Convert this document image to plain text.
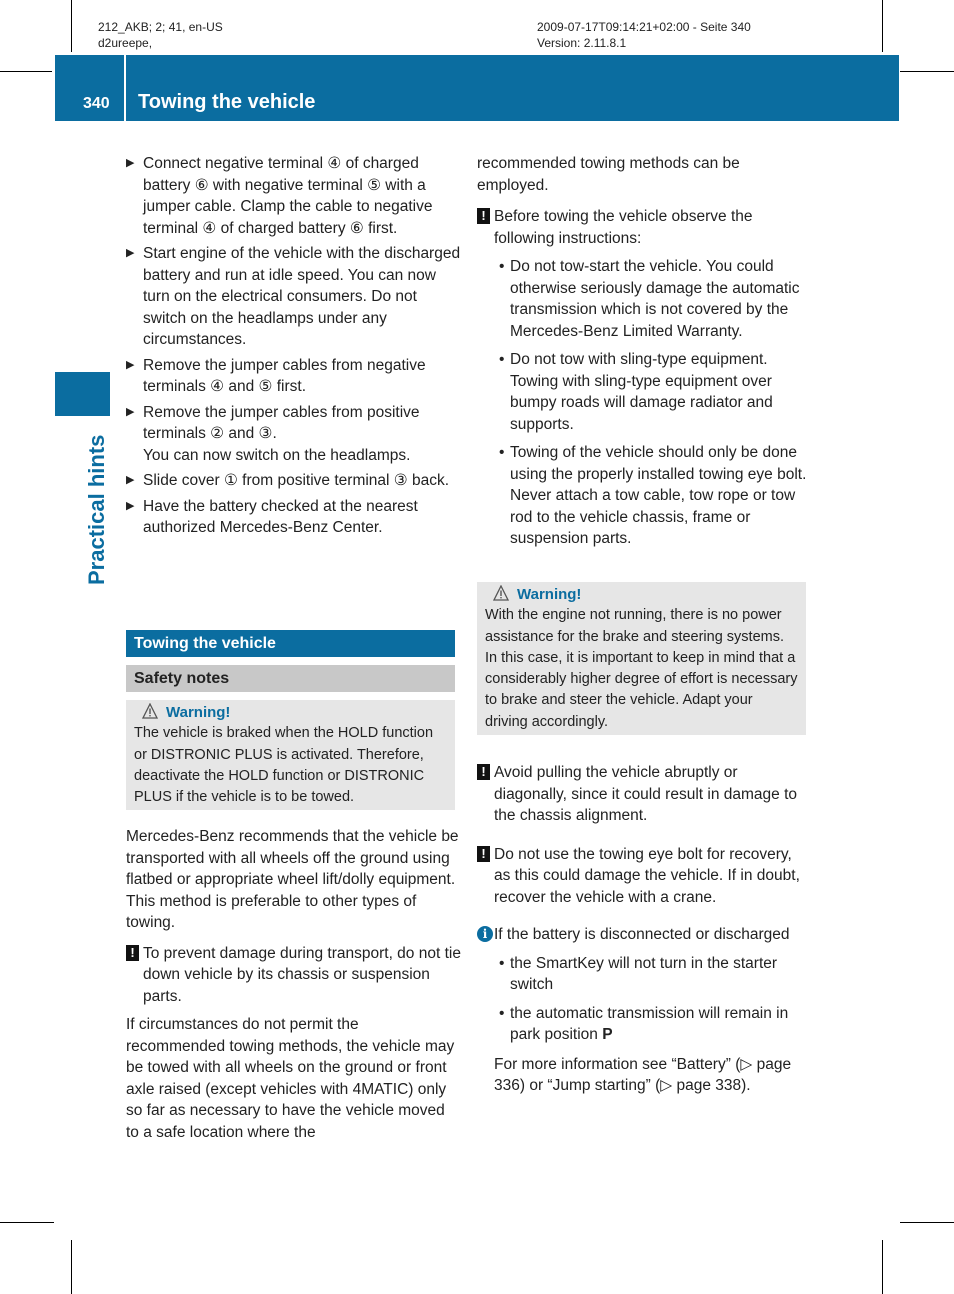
212_AKB; 2; 41, en-US
d2ureepe,
2009-07-17T09:14:21+02:00 - Seite 340
Version: 2.11.8.1
340 Towing the vehicle
Practical hints
▶ Connect negative terminal ④ of charged battery ⑥ with negative terminal ⑤ with a jumper cable. Clamp the cable to negative terminal ④ of charged battery ⑥ first.
▶ Start engine of the vehicle with the discharged battery and run at idle speed. You can now turn on the electrical consumers. Do not switch on the headlamps under any circumstances.
▶ Remove the jumper cables from negative terminals ④ and ⑤ first.
▶ Remove the jumper cables from positive terminals ② and ③.
You can now switch on the headlamps.
▶ Slide cover ① from positive terminal ③ back.
▶ Have the battery checked at the nearest authorized Mercedes-Benz Center.
Towing the vehicle
Safety notes
Warning!
The vehicle is braked when the HOLD function or DISTRONIC PLUS is activated. Therefore, deactivate the HOLD function or DISTRONIC PLUS if the vehicle is to be towed.

Mercedes-Benz recommends that the vehicle be transported with all wheels off the ground using flatbed or appropriate wheel lift/dolly equipment. This method is preferable to other types of towing.

! To prevent damage during transport, do not tie down vehicle by its chassis or suspension parts.

If circumstances do not permit the recommended towing methods, the vehicle may be towed with all wheels on the ground or front axle raised (except vehicles with 4MATIC) only so far as necessary to have the vehicle moved to a safe location where the

recommended towing methods can be employed.

! Before towing the vehicle observe the following instructions:
• Do not tow-start the vehicle. You could otherwise seriously damage the automatic transmission which is not covered by the Mercedes-Benz Limited Warranty.
• Do not tow with sling-type equipment. Towing with sling-type equipment over bumpy roads will damage radiator and supports.
• Towing of the vehicle should only be done using the properly installed towing eye bolt. Never attach a tow cable, tow rope or tow rod to the vehicle chassis, frame or suspension parts.
Warning!
With the engine not running, there is no power assistance for the brake and steering systems. In this case, it is important to keep in mind that a considerably higher degree of effort is necessary to brake and steer the vehicle. Adapt your driving accordingly.
! Avoid pulling the vehicle abruptly or diagonally, since it could result in damage to the chassis alignment.
! Do not use the towing eye bolt for recovery, as this could damage the vehicle. If in doubt, recover the vehicle with a crane.
i If the battery is disconnected or discharged
• the SmartKey will not turn in the starter switch
• the automatic transmission will remain in park position P

For more information see “Battery” (▷ page 336) or “Jump starting” (▷ page 338).
